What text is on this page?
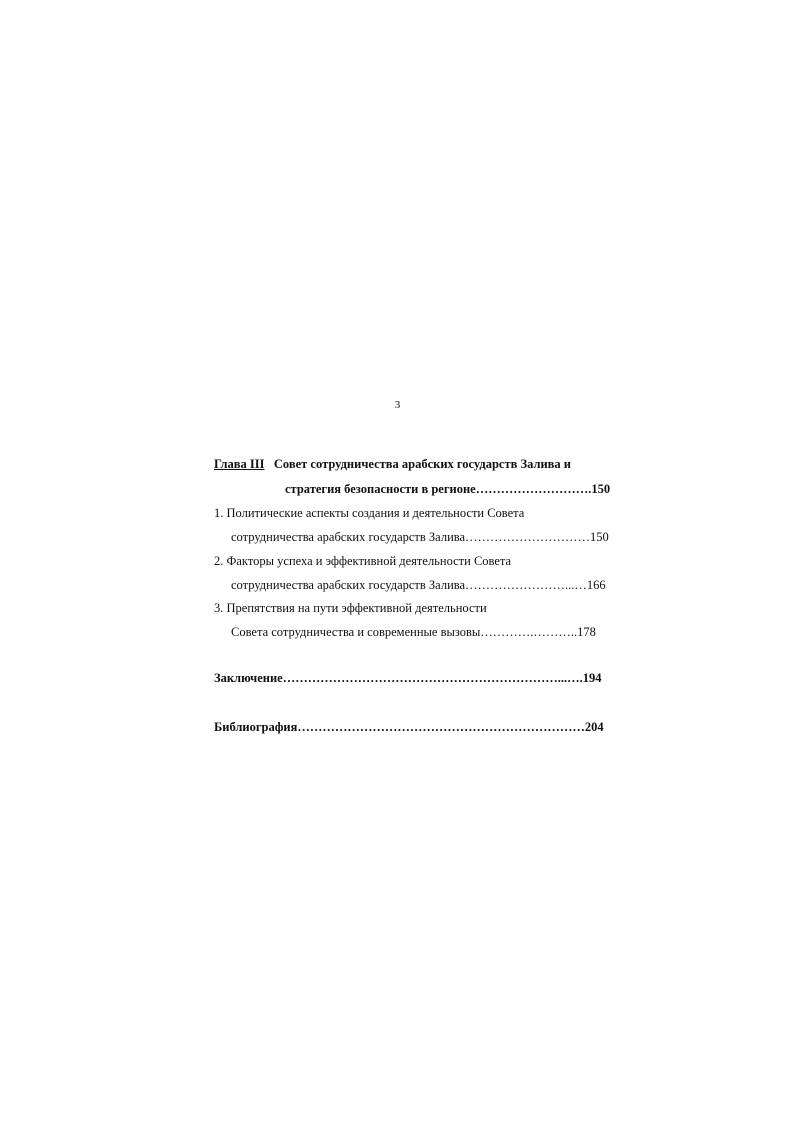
3
Глава III Совет сотрудничества арабских государств Залива и
стратегия безопасности в регионе……………………….150
1. Политические аспекты создания и деятельности Совета
сотрудничества арабских государств Залива…………………………150
2. Факторы успеха и эффективной деятельности Совета
сотрудничества арабских государств Залива……………………...…166
3. Препятствия на пути эффективной деятельности
Совета сотрудничества и современные вызовы………….………..178
Заключение…………………………………………………………...….194
Библиография……………………………………………………………204
